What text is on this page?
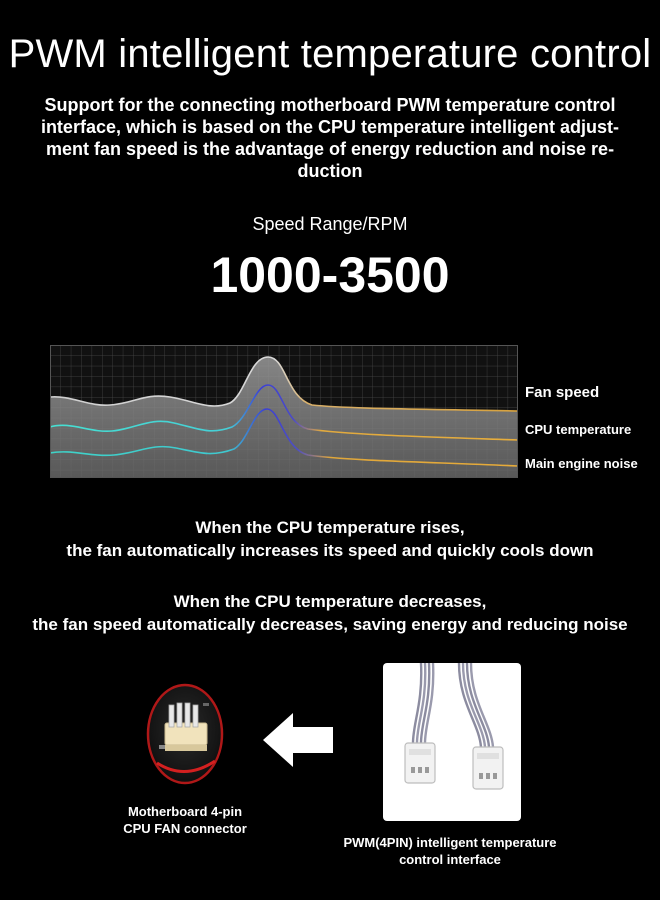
PWM intelligent temperature control
Support for the connecting motherboard PWM temperature control
interface, which is based on the CPU temperature intelligent adjust-
ment fan speed is the advantage of energy reduction and noise re-
duction
Speed Range/RPM
1000-3500
Fan speed
CPU temperature
Main engine noise
When the CPU temperature rises,
the fan automatically increases its speed and quickly cools down
When the CPU temperature decreases,
the fan speed automatically decreases, saving energy and reducing noise
Motherboard 4-pin
CPU FAN connector
PWM(4PIN) intelligent temperature
control interface
